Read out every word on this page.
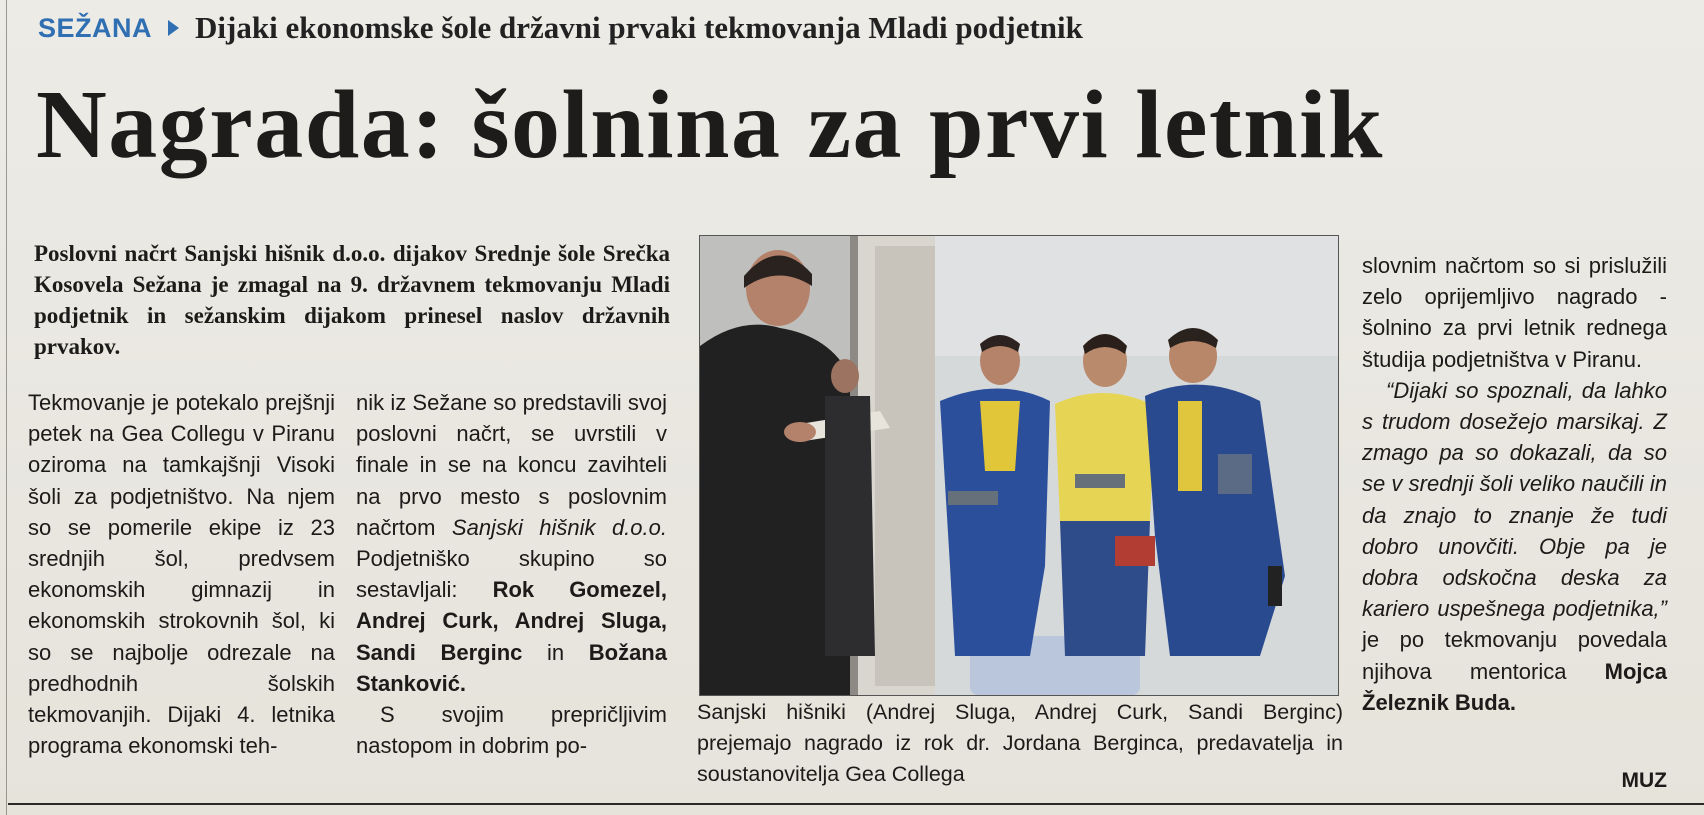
SEŽANA Dijaki ekonomske šole državni prvaki tekmovanja Mladi podjetnik
Nagrada: šolnina za prvi letnik

Poslovni načrt Sanjski hišnik d.o.o. dijakov Srednje šole Srečka Kosovela Sežana je zmagal na 9. državnem tekmovanju Mladi podjetnik in sežanskim dijakom prinesel naslov državnih prvakov.

Tekmovanje je potekalo prejšnji petek na Gea Collegu v Piranu oziroma na tamkajšnji Visoki šoli za podjetništvo. Na njem so se pomerile ekipe iz 23 srednjih šol, predvsem ekonomskih gimnazij in ekonomskih strokovnih šol, ki so se najbolje odrezale na predhodnih šolskih tekmovanjih. Dijaki 4. letnika programa ekonomski teh-

nik iz Sežane so predstavili svoj poslovni načrt, se uvrstili v finale in se na koncu zavihteli na prvo mesto s poslovnim načrtom Sanjski hišnik d.o.o. Podjetniško skupino so sestavljali: Rok Gomezel, Andrej Curk, Andrej Sluga, Sandi Berginc in Božana Stanković.
S svojim prepričljivim nastopom in dobrim po-

Sanjski hišniki (Andrej Sluga, Andrej Curk, Sandi Berginc) prejemajo nagrado iz rok dr. Jordana Berginca, predavatelja in soustanovitelja Gea Collega

slovnim načrtom so si prislužili zelo oprijemljivo nagrado - šolnino za prvi letnik rednega študija podjetništva v Piranu.
“Dijaki so spoznali, da lahko s trudom dosežejo marsikaj. Z zmago pa so dokazali, da so se v srednji šoli veliko naučili in da znajo to znanje že tudi dobro unovčiti. Obje pa je dobra odskočna deska za kariero uspešnega podjetnika,” je po tekmovanju povedala njihova mentorica Mojca Železnik Buda.

MUZ
